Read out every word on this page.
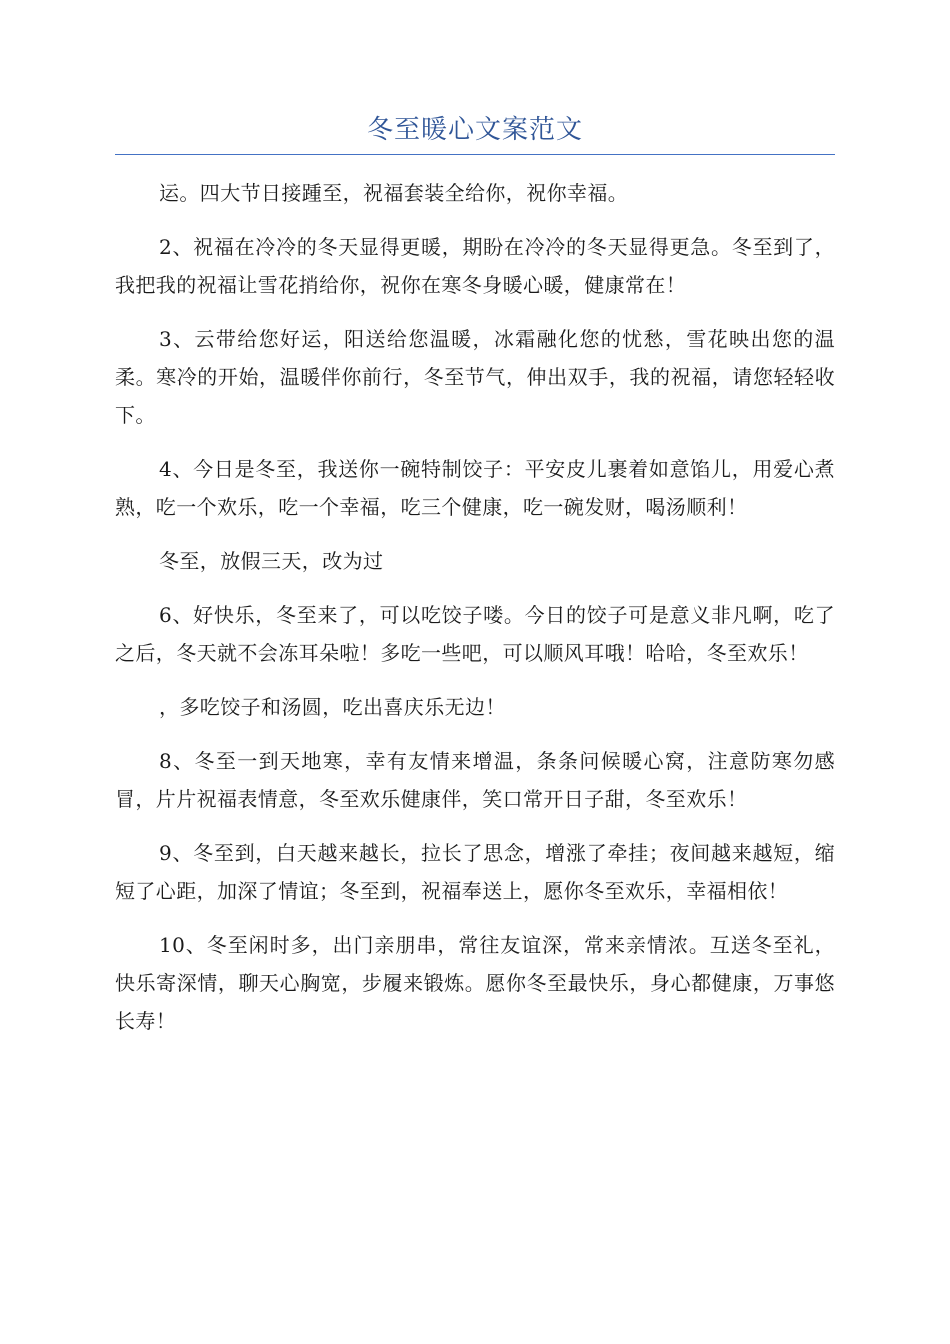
冬至暖心文案范文

运。四大节日接踵至，祝福套装全给你，祝你幸福。

2、祝福在冷冷的冬天显得更暖，期盼在冷冷的冬天显得更急。冬至到了，我把我的祝福让雪花捎给你，祝你在寒冬身暖心暖，健康常在！

3、云带给您好运，阳送给您温暖，冰霜融化您的忧愁，雪花映出您的温柔。寒冷的开始，温暖伴你前行，冬至节气，伸出双手，我的祝福，请您轻轻收下。

4、今日是冬至，我送你一碗特制饺子：平安皮儿裹着如意馅儿，用爱心煮熟，吃一个欢乐，吃一个幸福，吃三个健康，吃一碗发财，喝汤顺利！

冬至，放假三天，改为过

6、好快乐，冬至来了，可以吃饺子喽。今日的饺子可是意义非凡啊，吃了之后，冬天就不会冻耳朵啦！多吃一些吧，可以顺风耳哦！哈哈，冬至欢乐！

，多吃饺子和汤圆，吃出喜庆乐无边！

8、冬至一到天地寒，幸有友情来增温，条条问候暖心窝，注意防寒勿感冒，片片祝福表情意，冬至欢乐健康伴，笑口常开日子甜，冬至欢乐！

9、冬至到，白天越来越长，拉长了思念，增涨了牵挂；夜间越来越短，缩短了心距，加深了情谊；冬至到，祝福奉送上，愿你冬至欢乐，幸福相依！

10、冬至闲时多，出门亲朋串，常往友谊深，常来亲情浓。互送冬至礼，快乐寄深情，聊天心胸宽，步履来锻炼。愿你冬至最快乐，身心都健康，万事悠长寿！
